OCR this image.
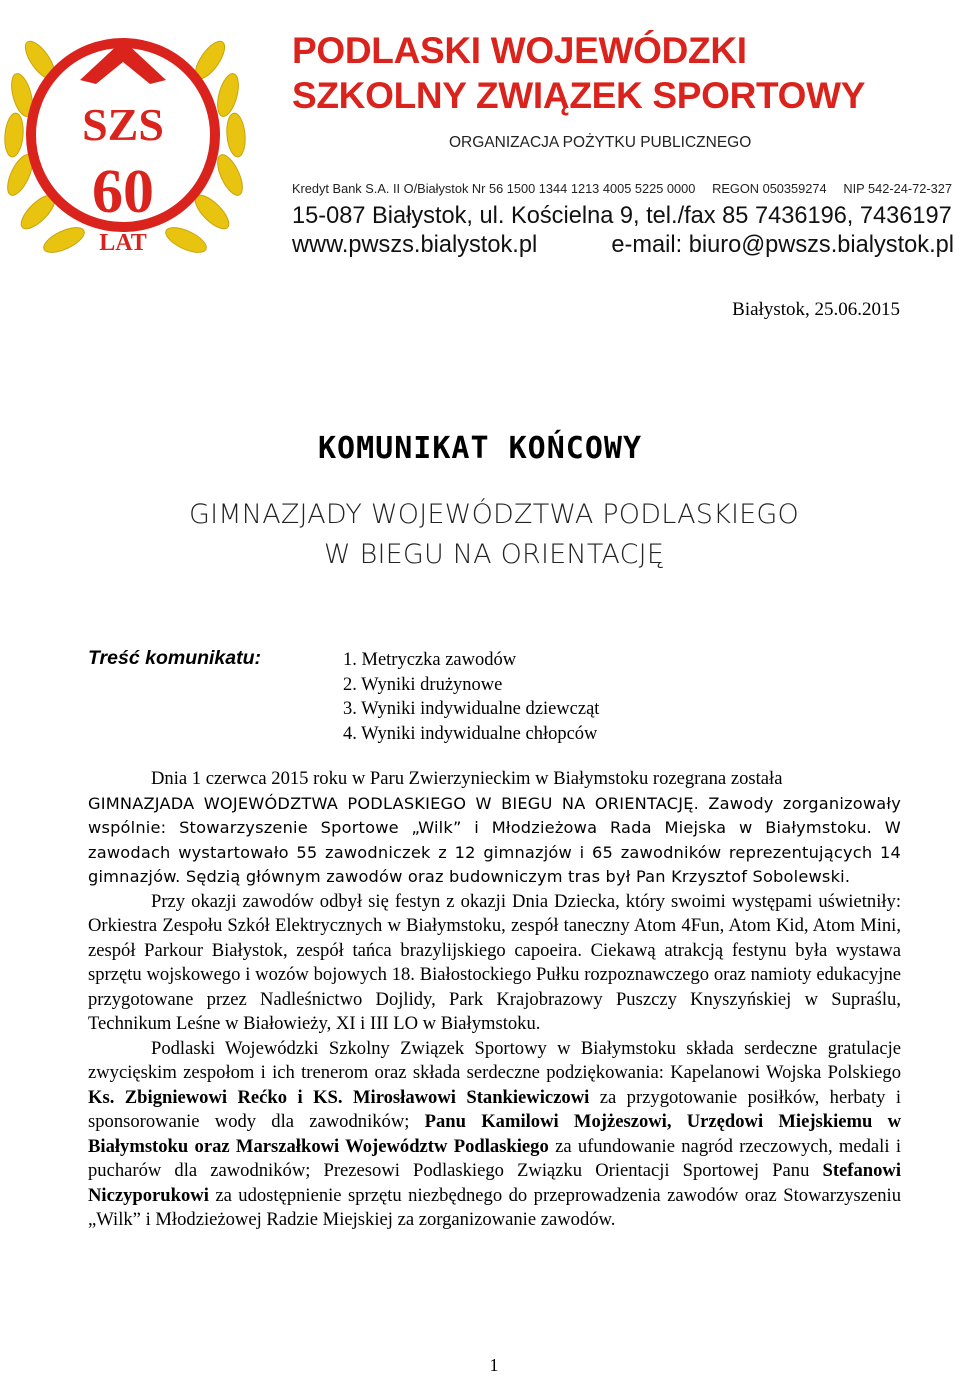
SZS
60
LAT
PODLASKI WOJEWÓDZKI
SZKOLNY ZWIĄZEK SPORTOWY
ORGANIZACJA POŻYTKU PUBLICZNEGO
Kredyt Bank S.A. II O/Białystok Nr 56 1500 1344 1213 4005 5225 0000 REGON 050359274 NIP 542-24-72-327
15-087 Białystok, ul. Kościelna 9, tel./fax 85 7436196, 7436197
www.pwszs.bialystok.pl	e-mail: biuro@pwszs.bialystok.pl
Białystok, 25.06.2015
KOMUNIKAT KOŃCOWY
GIMNAZJADY WOJEWÓDZTWA PODLASKIEGO
W BIEGU NA ORIENTACJĘ
Treść komunikatu:	1. Metryczka zawodów
2. Wyniki drużynowe
3. Wyniki indywidualne dziewcząt
4. Wyniki indywidualne chłopców

Dnia 1 czerwca 2015 roku w Paru Zwierzynieckim w Białymstoku rozegrana została
GIMNAZJADA WOJEWÓDZTWA PODLASKIEGO W BIEGU NA ORIENTACJĘ. Zawody zorganizowały wspólnie: Stowarzyszenie Sportowe „Wilk” i Młodzieżowa Rada Miejska w Białymstoku. W zawodach wystartowało 55 zawodniczek z 12 gimnazjów i 65 zawodników reprezentujących 14 gimnazjów. Sędzią głównym zawodów oraz budowniczym tras był Pan Krzysztof Sobolewski.

Przy okazji zawodów odbył się festyn z okazji Dnia Dziecka, który swoimi występami uświetniły: Orkiestra Zespołu Szkół Elektrycznych w Białymstoku, zespół taneczny Atom 4Fun, Atom Kid, Atom Mini, zespół Parkour Białystok, zespół tańca brazylijskiego capoeira. Ciekawą atrakcją festynu była wystawa sprzętu wojskowego i wozów bojowych 18. Białostockiego Pułku rozpoznawczego oraz namioty edukacyjne przygotowane przez Nadleśnictwo Dojlidy, Park Krajobrazowy Puszczy Knyszyńskiej w Supraślu, Technikum Leśne w Białowieży, XI i III LO w Białymstoku.

Podlaski Wojewódzki Szkolny Związek Sportowy w Białymstoku składa serdeczne gratulacje zwycięskim zespołom i ich trenerom oraz składa serdeczne podziękowania: Kapelanowi Wojska Polskiego Ks. Zbigniewowi Rećko i KS. Mirosławowi Stankiewiczowi za przygotowanie posiłków, herbaty i sponsorowanie wody dla zawodników; Panu Kamilowi Mojżeszowi, Urzędowi Miejskiemu w Białymstoku oraz Marszałkowi Województw Podlaskiego za ufundowanie nagród rzeczowych, medali i pucharów dla zawodników; Prezesowi Podlaskiego Związku Orientacji Sportowej Panu Stefanowi Niczyporukowi za udostępnienie sprzętu niezbędnego do przeprowadzenia zawodów oraz Stowarzyszeniu „Wilk” i Młodzieżowej Radzie Miejskiej za zorganizowanie zawodów.

1
